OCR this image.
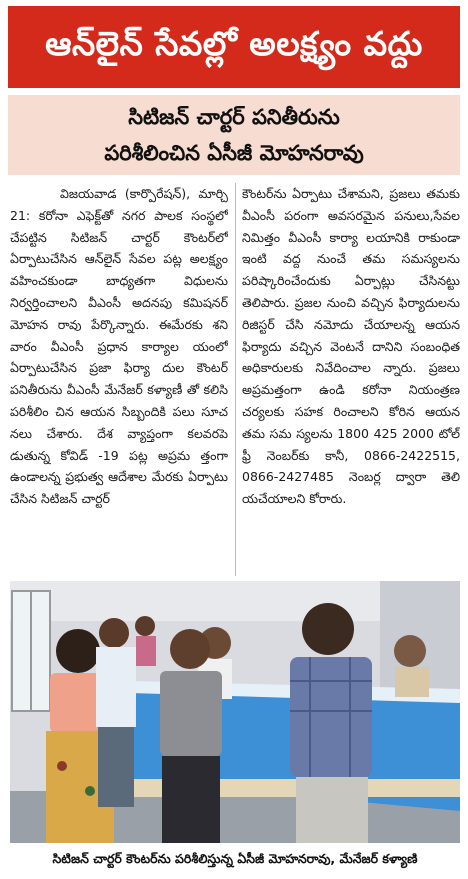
ఆన్‌లైన్ సేవల్లో అలక్ష్యం వద్దు
సిటిజన్ చార్టర్ పనితీరును
పరిశీలించిన ఏసీజీ మోహనరావు

విజయవాడ (కార్పొరేషన్), మార్చి 21: కరోనా ఎఫెక్ట్‌తో నగర పాలక సంస్థలో చేపట్టిన సిటిజన్ చార్టర్ కౌంటర్‌లో ఏర్పాటుచేసిన ఆన్‌లైన్ సేవల పట్ల అలక్ష్యం వహించకుండా బాధ్యతగా విధులను నిర్వర్తించాలని వీఎంసీ అదనపు కమిషనర్ మోహన రావు పేర్కొన్నారు. ఈమేరకు శని వారం వీఎంసీ ప్రధాన కార్యాల యంలో ఏర్పాటుచేసిన ప్రజా ఫిర్యా దుల కౌంటర్ పనితీరును వీఎంసీ మేనేజర్ కళ్యాణీ తో కలిసి పరిశీలిం చిన ఆయన సిబ్బందికి పలు సూచ నలు చేశారు. దేశ వ్యాప్తంగా కలవరపె డుతున్న కోవిడ్ -19 పట్ల అప్రమ త్తంగా ఉండాలన్న ప్రభుత్వ ఆదేశాల మేరకు ఏర్పాటు చేసిన సిటిజన్ చార్టర్

కౌంటర్‌ను ఏర్పాటు చేశామని, ప్రజలు తమకు వీఎంసీ పరంగా అవసరమైన పనులు,సేవల నిమిత్తం వీఎంసీ కార్యా లయానికి రాకుండా ఇంటి వద్ద నుంచే తమ సమస్యలను పరిష్కారించేందుకు ఏర్పాట్లు చేసినట్టు తెలిపారు. ప్రజల నుంచి వచ్చిన ఫిర్యాదులను రిజిస్టర్ చేసి నమోదు చేయాలన్న ఆయన ఫిర్యాదు వచ్చిన వెంటనే దానిని సంబంధిత అధికారులకు నివేదించాల న్నారు. ప్రజలు అప్రమత్తంగా ఉండి కరోనా నియంత్రణ చర్యలకు సహక రించాలని కోరిన ఆయన తమ సమ స్యలను 1800 425 2000 టోల్ ఫ్రీ నెంబర్‌కు కానీ, 0866-2422515, 0866-2427485 నెంబర్ల ద్వారా తెలి యచేయాలని కోరారు.

సిటిజన్ చార్టర్ కౌంటర్‌ను పరిశీలిస్తున్న ఏసీజీ మోహనరావు, మేనేజర్ కళ్యాణి
